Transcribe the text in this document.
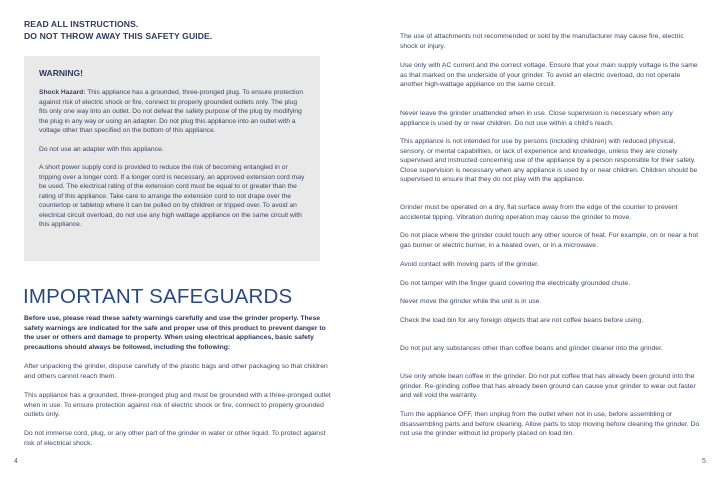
READ ALL INSTRUCTIONS.
DO NOT THROW AWAY THIS SAFETY GUIDE.
WARNING!

Shock Hazard: This appliance has a grounded, three-pronged plug. To ensure protection against risk of electric shock or fire, connect to properly grounded outlets only. The plug fits only one way into an outlet. Do not defeat the safety purpose of the plug by modifying the plug in any way or using an adapter. Do not plug this appliance into an outlet with a voltage other than specified on the bottom of this appliance.

Do not use an adapter with this appliance.

A short power supply cord is provided to reduce the risk of becoming entangled in or tripping over a longer cord. If a longer cord is necessary, an approved extension cord may be used. The electrical rating of the extension cord must be equal to or greater than the rating of this appliance. Take care to arrange the extension cord to not drape over the countertop or tabletop where it can be pulled on by children or tripped over. To avoid an electrical circuit overload, do not use any high wattage appliance on the same circuit with this appliance.

IMPORTANT SAFEGUARDS
Before use, please read these safety warnings carefully and use the grinder properly. These safety warnings are indicated for the safe and proper use of this product to prevent danger to the user or others and damage to property. When using electrical appliances, basic safety precautions should always be followed, including the following:

After unpacking the grinder, dispose carefully of the plastic bags and other packaging so that children and others cannot reach them.

This appliance has a grounded, three-pronged plug and must be grounded with a three-pronged outlet when in use. To ensure protection against risk of electric shock or fire, connect to properly grounded outlets only.

Do not immerse cord, plug, or any other part of the grinder in water or other liquid. To protect against risk of electrical shock.

4

The use of attachments not recommended or sold by the manufacturer may cause fire, electric shock or injury.

Use only with AC current and the correct voltage. Ensure that your main supply voltage is the same as that marked on the underside of your grinder. To avoid an electric overload, do not operate another high-wattage appliance on the same circuit.

Never leave the grinder unattended when in use. Close supervision is necessary when any appliance is used by or near children. Do not use within a child's reach.

This appliance is not intended for use by persons (including children) with reduced physical, sensory, or mental capabilities, or lack of experience and knowledge, unless they are closely supervised and instructed concerning use of the appliance by a person responsible for their safety. Close supervision is necessary when any appliance is used by or near children. Children should be supervised to ensure that they do not play with the appliance.

Grinder must be operated on a dry, flat surface away from the edge of the counter to prevent accidental tipping. Vibration during operation may cause the grinder to move.

Do not place where the grinder could touch any other source of heat. For example, on or near a hot gas burner or electric burner, in a heated oven, or in a microwave.

Avoid contact with moving parts of the grinder.

Do not tamper with the finger guard covering the electrically grounded chute.

Never move the grinder while the unit is in use.

Check the load bin for any foreign objects that are not coffee beans before using.

Do not put any substances other than coffee beans and grinder cleaner into the grinder.

Use only whole bean coffee in the grinder. Do not put coffee that has already been ground into the grinder. Re-grinding coffee that has already been ground can cause your grinder to wear out faster and will void the warranty.

Turn the appliance OFF, then unplug from the outlet when not in use, before assembling or disassembling parts and before cleaning. Allow parts to stop moving before cleaning the grinder. Do not use the grinder without lid properly placed on load bin.

5
